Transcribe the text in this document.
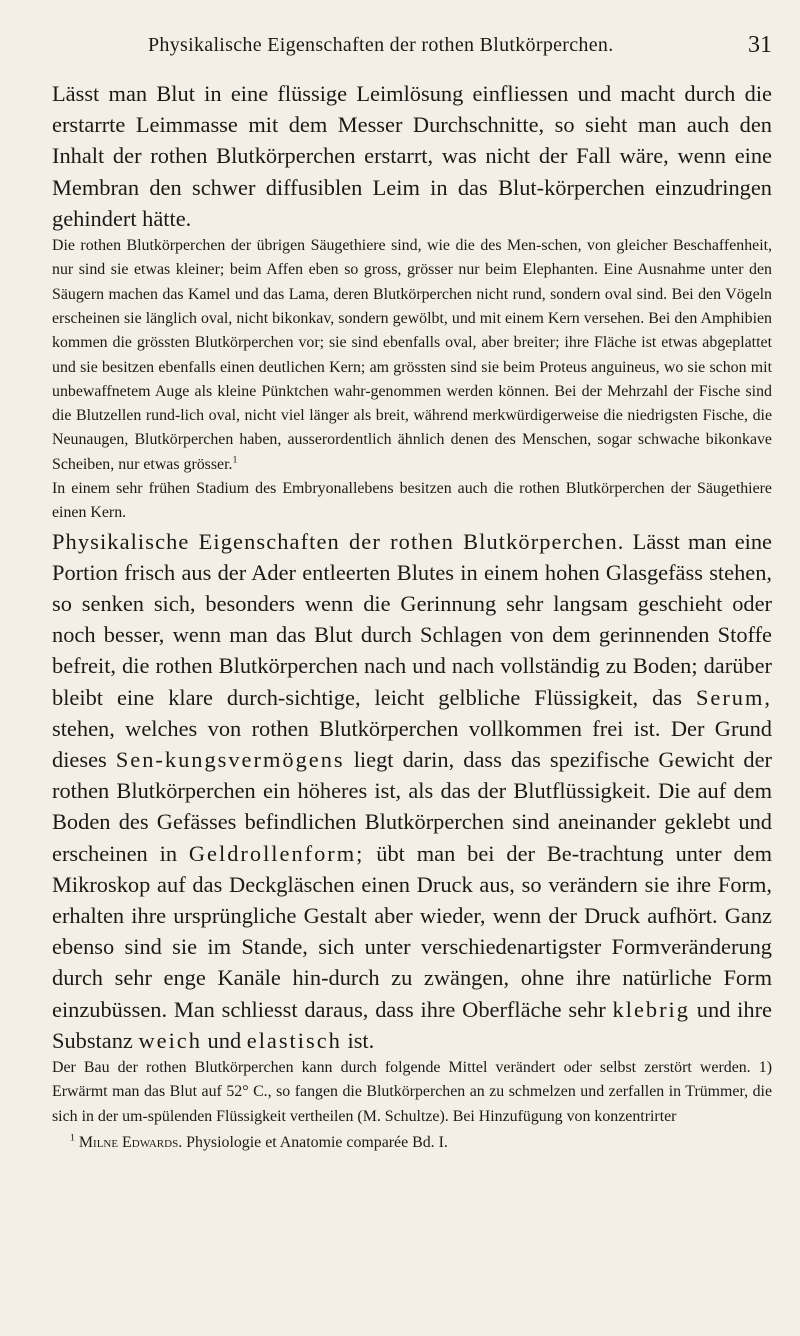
Physikalische Eigenschaften der rothen Blutkörperchen.	31

Lässt man Blut in eine flüssige Leimlösung einfliessen und macht durch die erstarrte Leimmasse mit dem Messer Durchschnitte, so sieht man auch den Inhalt der rothen Blutkörperchen erstarrt, was nicht der Fall wäre, wenn eine Membran den schwer diffusiblen Leim in das Blut-körperchen einzudringen gehindert hätte.

Die rothen Blutkörperchen der übrigen Säugethiere sind, wie die des Men-schen, von gleicher Beschaffenheit, nur sind sie etwas kleiner; beim Affen eben so gross, grösser nur beim Elephanten. Eine Ausnahme unter den Säugern machen das Kamel und das Lama, deren Blutkörperchen nicht rund, sondern oval sind. Bei den Vögeln erscheinen sie länglich oval, nicht bikonkav, sondern gewölbt, und mit einem Kern versehen. Bei den Amphibien kommen die grössten Blutkörperchen vor; sie sind ebenfalls oval, aber breiter; ihre Fläche ist etwas abgeplattet und sie besitzen ebenfalls einen deutlichen Kern; am grössten sind sie beim Proteus anguineus, wo sie schon mit unbewaffnetem Auge als kleine Pünktchen wahr-genommen werden können. Bei der Mehrzahl der Fische sind die Blutzellen rund-lich oval, nicht viel länger als breit, während merkwürdigerweise die niedrigsten Fische, die Neunaugen, Blutkörperchen haben, ausserordentlich ähnlich denen des Menschen, sogar schwache bikonkave Scheiben, nur etwas grösser.$^1$

In einem sehr frühen Stadium des Embryonallebens besitzen auch die rothen Blutkörperchen der Säugethiere einen Kern.

Physikalische Eigenschaften der rothen Blutkörperchen. Lässt man eine Portion frisch aus der Ader entleerten Blutes in einem hohen Glasgefäss stehen, so senken sich, besonders wenn die Gerinnung sehr langsam geschieht oder noch besser, wenn man das Blut durch Schlagen von dem gerinnenden Stoffe befreit, die rothen Blutkörperchen nach und nach vollständig zu Boden; darüber bleibt eine klare durch-sichtige, leicht gelbliche Flüssigkeit, das Serum, stehen, welches von rothen Blutkörperchen vollkommen frei ist. Der Grund dieses Sen-kungsvermögens liegt darin, dass das spezifische Gewicht der rothen Blutkörperchen ein höheres ist, als das der Blutflüssigkeit. Die auf dem Boden des Gefässes befindlichen Blutkörperchen sind aneinander geklebt und erscheinen in Geldrollenform; übt man bei der Be-trachtung unter dem Mikroskop auf das Deckgläschen einen Druck aus, so verändern sie ihre Form, erhalten ihre ursprüngliche Gestalt aber wieder, wenn der Druck aufhört. Ganz ebenso sind sie im Stande, sich unter verschiedenartigster Formveränderung durch sehr enge Kanäle hin-durch zu zwängen, ohne ihre natürliche Form einzubüssen. Man schliesst daraus, dass ihre Oberfläche sehr klebrig und ihre Substanz weich und elastisch ist.

Der Bau der rothen Blutkörperchen kann durch folgende Mittel verändert oder selbst zerstört werden. 1) Erwärmt man das Blut auf 52° C., so fangen die Blutkörperchen an zu schmelzen und zerfallen in Trümmer, die sich in der um-spülenden Flüssigkeit vertheilen (M. Schultze). Bei Hinzufügung von konzentrirter

$^1$ Milne Edwards. Physiologie et Anatomie comparée Bd. I.
